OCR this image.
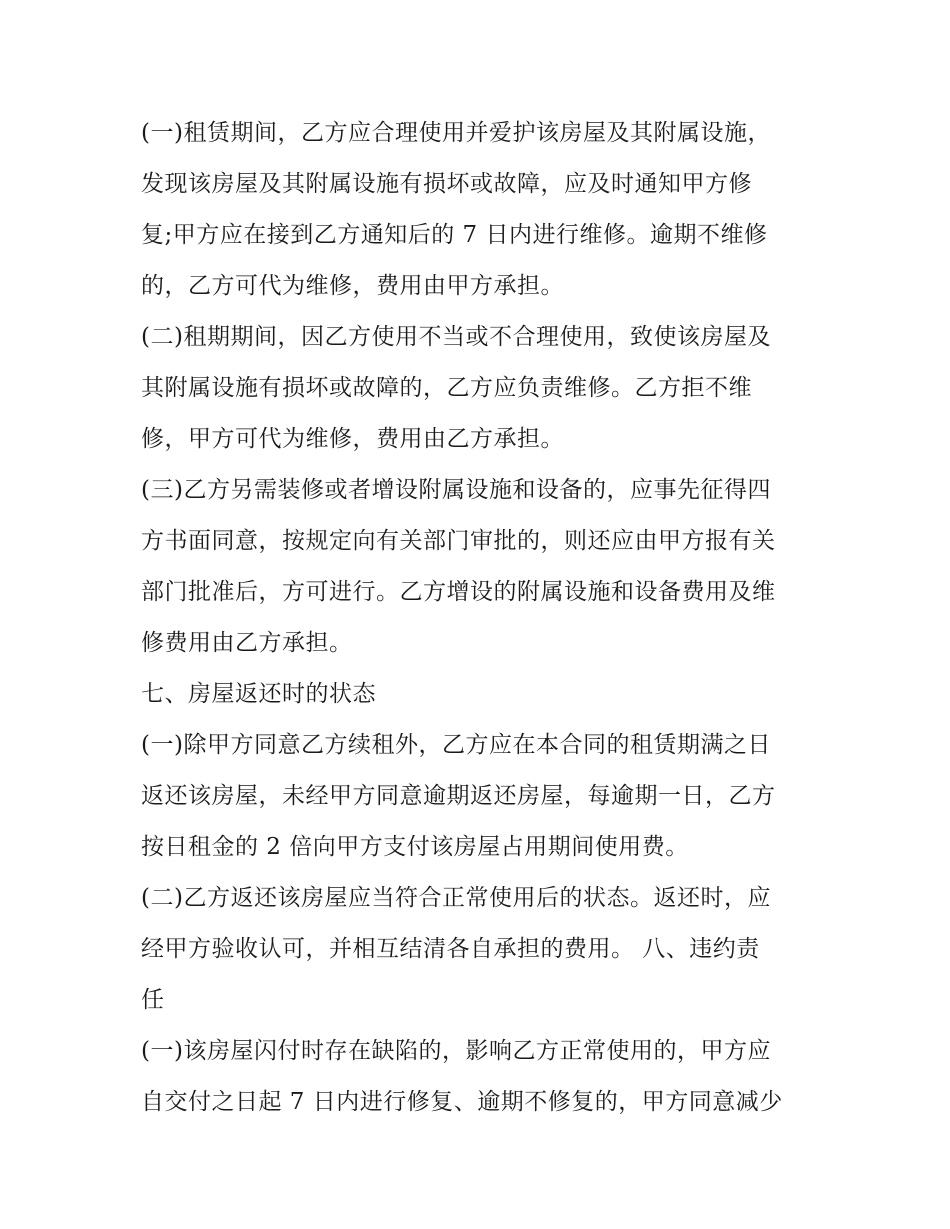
(一)租赁期间，乙方应合理使用并爱护该房屋及其附属设施，
发现该房屋及其附属设施有损坏或故障，应及时通知甲方修
复;甲方应在接到乙方通知后的 7 日内进行维修。逾期不维修
的，乙方可代为维修，费用由甲方承担。
(二)租期期间，因乙方使用不当或不合理使用，致使该房屋及
其附属设施有损坏或故障的，乙方应负责维修。乙方拒不维
修，甲方可代为维修，费用由乙方承担。
(三)乙方另需装修或者增设附属设施和设备的，应事先征得四
方书面同意，按规定向有关部门审批的，则还应由甲方报有关
部门批准后，方可进行。乙方增设的附属设施和设备费用及维
修费用由乙方承担。
七、房屋返还时的状态
(一)除甲方同意乙方续租外，乙方应在本合同的租赁期满之日
返还该房屋，未经甲方同意逾期返还房屋，每逾期一日，乙方
按日租金的 2 倍向甲方支付该房屋占用期间使用费。
(二)乙方返还该房屋应当符合正常使用后的状态。返还时，应
经甲方验收认可，并相互结清各自承担的费用。 八、违约责
任
(一)该房屋闪付时存在缺陷的，影响乙方正常使用的，甲方应
自交付之日起 7 日内进行修复、逾期不修复的，甲方同意减少
